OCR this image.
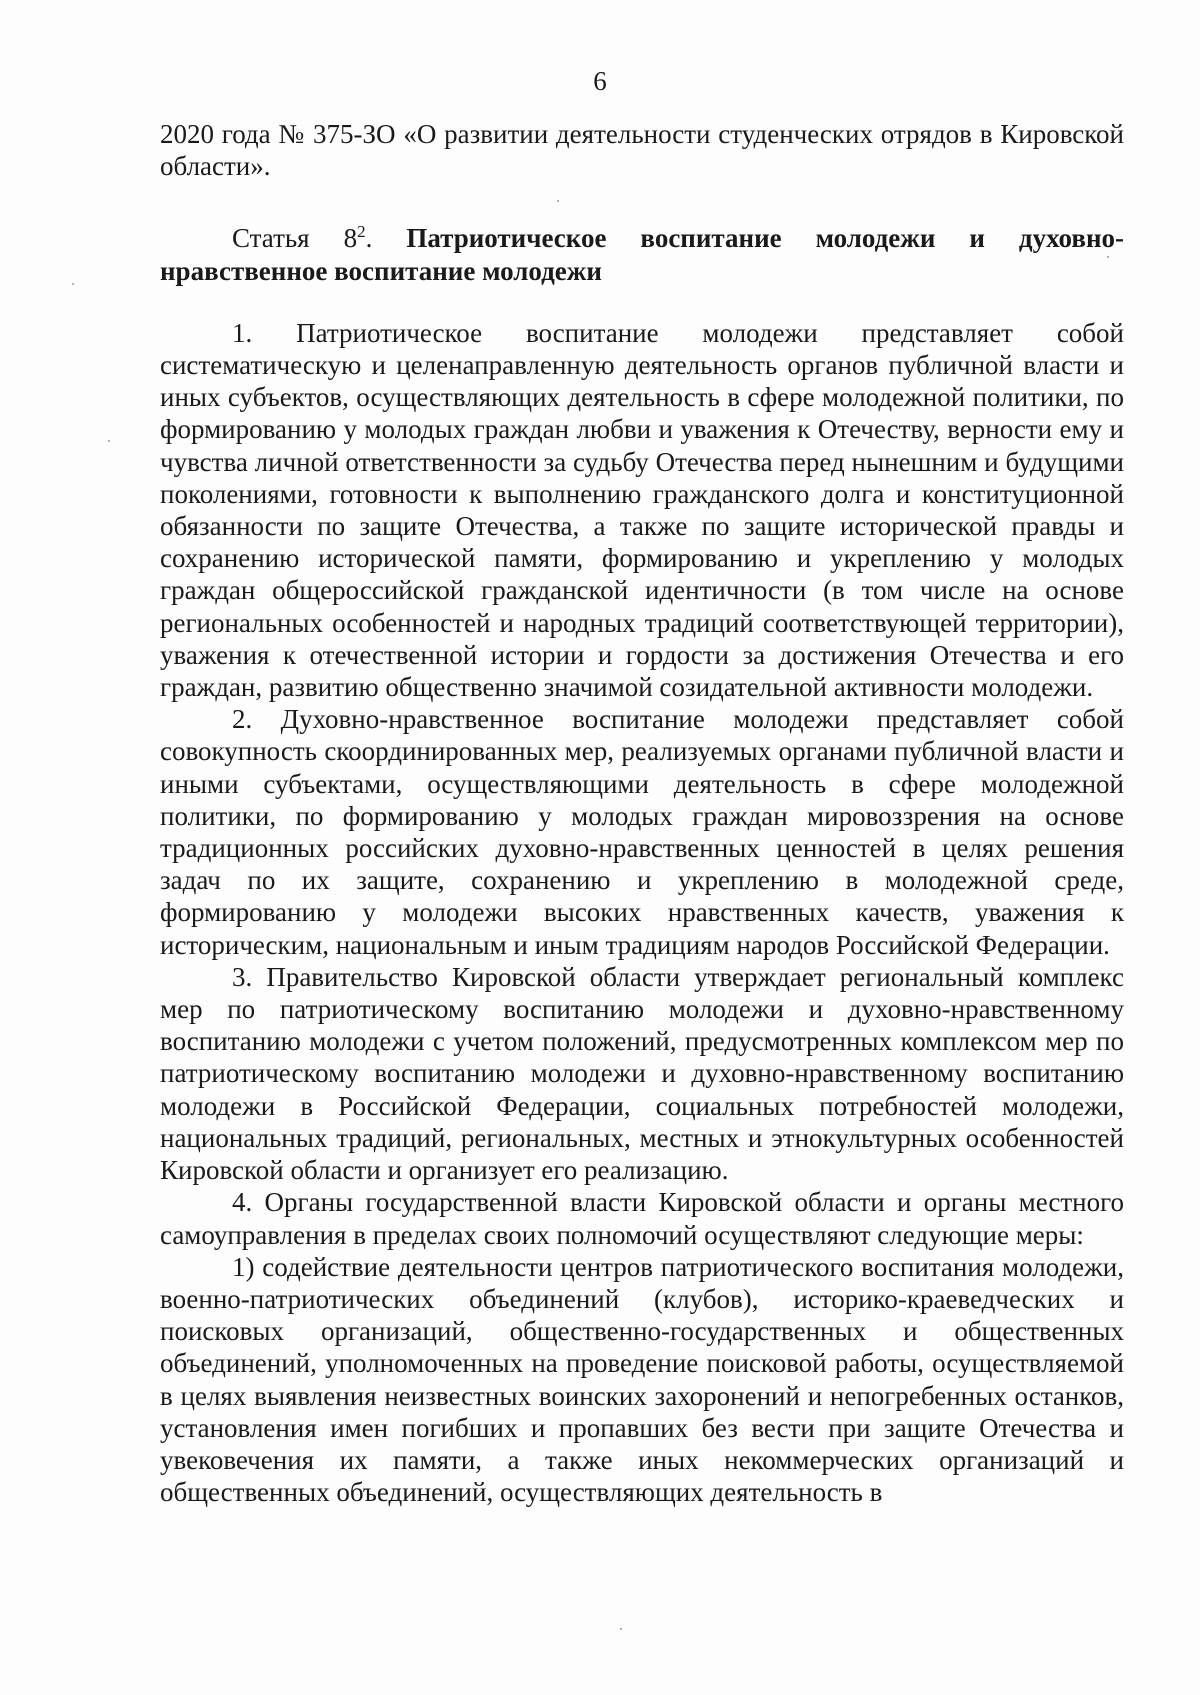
6

2020 года № 375-ЗО «О развитии деятельности студенческих отрядов в Кировской области».

Статья $8^2$. Патриотическое воспитание молодежи и духовно-нравственное воспитание молодежи

1. Патриотическое воспитание молодежи представляет собой систематическую и целенаправленную деятельность органов публичной власти и иных субъектов, осуществляющих деятельность в сфере молодежной политики, по формированию у молодых граждан любви и уважения к Отечеству, верности ему и чувства личной ответственности за судьбу Отечества перед нынешним и будущими поколениями, готовности к выполнению гражданского долга и конституционной обязанности по защите Отечества, а также по защите исторической правды и сохранению исторической памяти, формированию и укреплению у молодых граждан общероссийской гражданской идентичности (в том числе на основе региональных особенностей и народных традиций соответствующей территории), уважения к отечественной истории и гордости за достижения Отечества и его граждан, развитию общественно значимой созидательной активности молодежи.

2. Духовно-нравственное воспитание молодежи представляет собой совокупность скоординированных мер, реализуемых органами публичной власти и иными субъектами, осуществляющими деятельность в сфере молодежной политики, по формированию у молодых граждан мировоззрения на основе традиционных российских духовно-нравственных ценностей в целях решения задач по их защите, сохранению и укреплению в молодежной среде, формированию у молодежи высоких нравственных качеств, уважения к историческим, национальным и иным традициям народов Российской Федерации.

3. Правительство Кировской области утверждает региональный комплекс мер по патриотическому воспитанию молодежи и духовно-нравственному воспитанию молодежи с учетом положений, предусмотренных комплексом мер по патриотическому воспитанию молодежи и духовно-нравственному воспитанию молодежи в Российской Федерации, социальных потребностей молодежи, национальных традиций, региональных, местных и этнокультурных особенностей Кировской области и организует его реализацию.

4. Органы государственной власти Кировской области и органы местного самоуправления в пределах своих полномочий осуществляют следующие меры:

1) содействие деятельности центров патриотического воспитания молодежи, военно-патриотических объединений (клубов), историко-краеведческих и поисковых организаций, общественно-государственных и общественных объединений, уполномоченных на проведение поисковой работы, осуществляемой в целях выявления неизвестных воинских захоронений и непогребенных останков, установления имен погибших и пропавших без вести при защите Отечества и увековечения их памяти, а также иных некоммерческих организаций и общественных объединений, осуществляющих деятельность в
